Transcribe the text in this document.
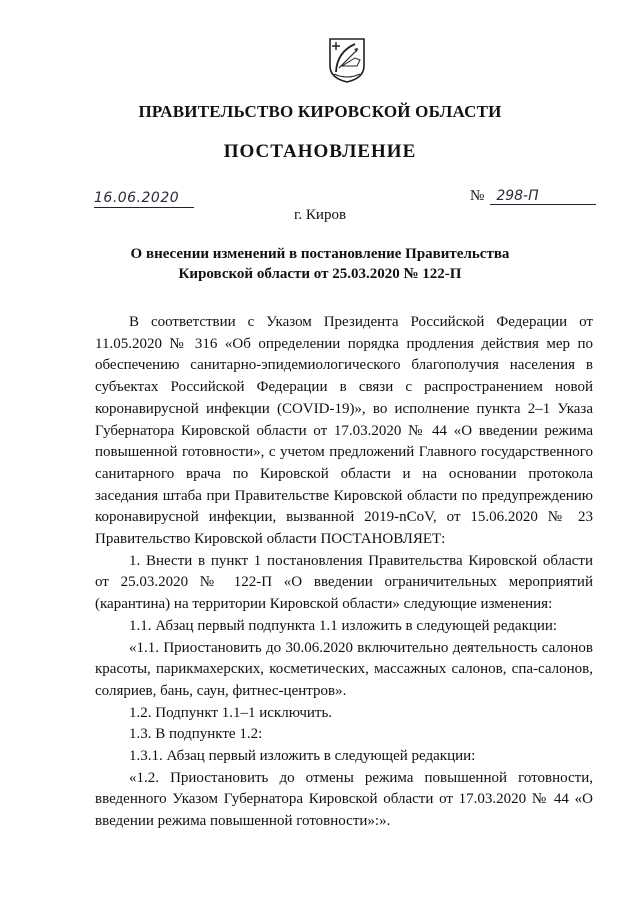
ПРАВИТЕЛЬСТВО КИРОВСКОЙ ОБЛАСТИ
ПОСТАНОВЛЕНИЕ
16.06.2020	№ 298-П
г. Киров
О внесении изменений в постановление Правительства
Кировской области от 25.03.2020 № 122-П

В соответствии с Указом Президента Российской Федерации от 11.05.2020 № 316 «Об определении порядка продления действия мер по обеспечению санитарно-эпидемиологического благополучия населения в субъектах Российской Федерации в связи с распространением новой коронавирусной инфекции (COVID-19)», во исполнение пункта 2–1 Указа Губернатора Кировской области от 17.03.2020 № 44 «О введении режима повышенной готовности», с учетом предложений Главного государственного санитарного врача по Кировской области и на основании протокола заседания штаба при Правительстве Кировской области по предупреждению коронавирусной инфекции, вызванной 2019-nCoV, от 15.06.2020 № 23 Правительство Кировской области ПОСТАНОВЛЯЕТ:

1. Внести в пункт 1 постановления Правительства Кировской области от 25.03.2020 № 122-П «О введении ограничительных мероприятий (карантина) на территории Кировской области» следующие изменения:

1.1. Абзац первый подпункта 1.1 изложить в следующей редакции:

«1.1. Приостановить до 30.06.2020 включительно деятельность салонов красоты, парикмахерских, косметических, массажных салонов, спа-салонов, соляриев, бань, саун, фитнес-центров».

1.2. Подпункт 1.1–1 исключить.

1.3. В подпункте 1.2:

1.3.1. Абзац первый изложить в следующей редакции:

«1.2. Приостановить до отмены режима повышенной готовности, введенного Указом Губернатора Кировской области от 17.03.2020 № 44 «О введении режима повышенной готовности»:».
